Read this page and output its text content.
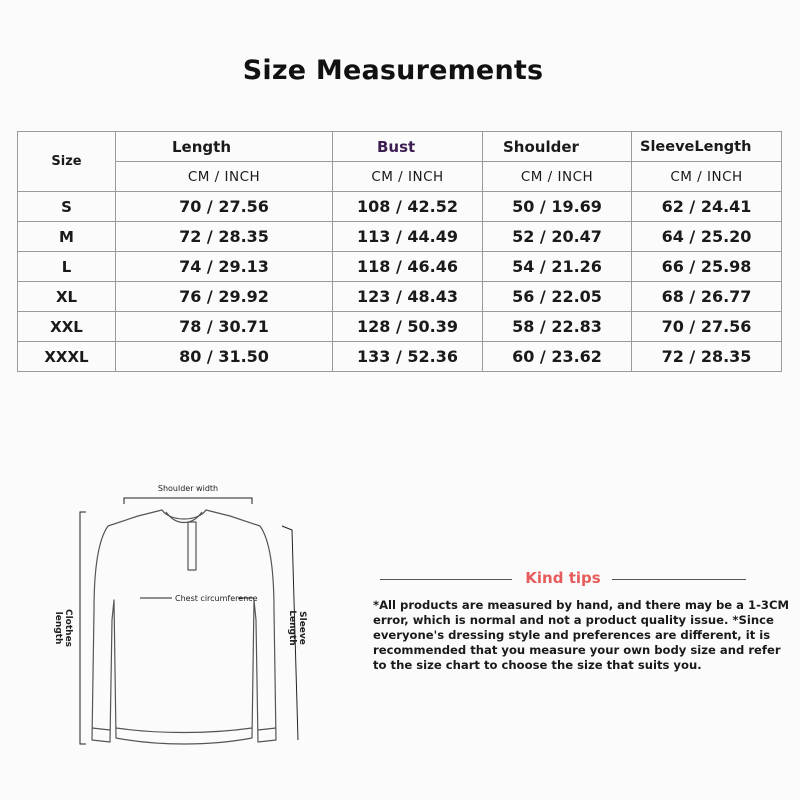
Size Measurements
Size	Length	Bust	Shoulder	SleeveLength
	CM / INCH	CM / INCH	CM / INCH	CM / INCH
S	70 / 27.56	108 / 42.52	50 / 19.69	62 / 24.41
M	72 / 28.35	113 / 44.49	52 / 20.47	64 / 25.20
L	74 / 29.13	118 / 46.46	54 / 21.26	66 / 25.98
XL	76 / 29.92	123 / 48.43	56 / 22.05	68 / 26.77
XXL	78 / 30.71	128 / 50.39	58 / 22.83	70 / 27.56
XXXL	80 / 31.50	133 / 52.36	60 / 23.62	72 / 28.35
Shoulder width
Chest circumference
Clothes
length	Sleeve
Length
Kind tips
*All products are measured by hand, and there may be a 1-3CM error, which is normal and not a product quality issue. *Since everyone's dressing style and preferences are different, it is recommended that you measure your own body size and refer to the size chart to choose the size that suits you.
